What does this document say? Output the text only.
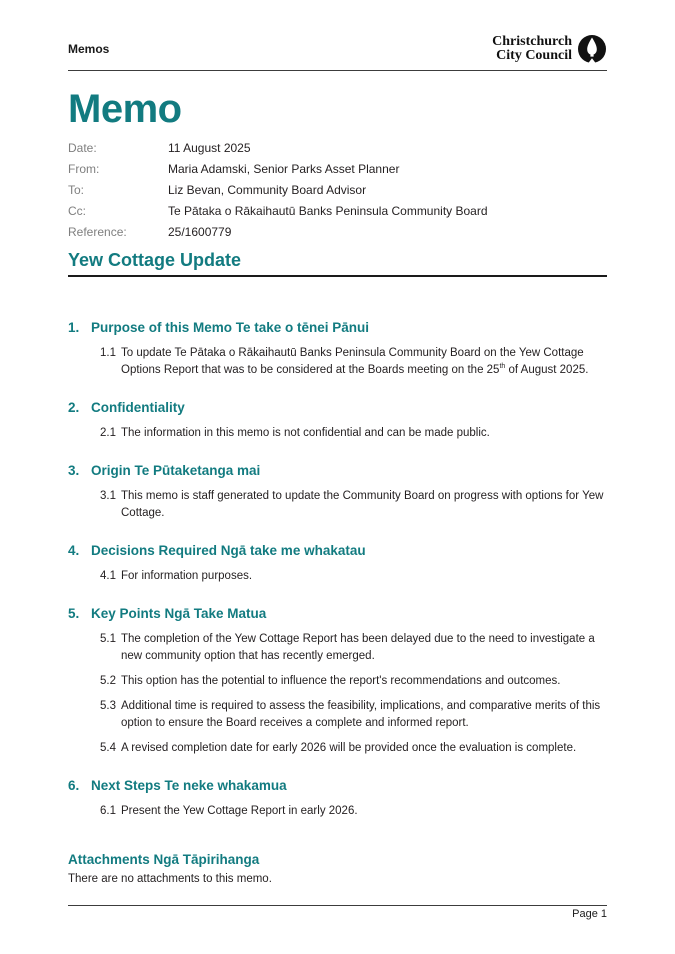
Memos
Christchurch
City Council
Memo
Date:	11 August 2025
From:	Maria Adamski, Senior Parks Asset Planner
To:	Liz Bevan, Community Board Advisor
Cc:	Te Pātaka o Rākaihautū Banks Peninsula Community Board
Reference:	25/1600779
Yew Cottage Update
1. Purpose of this Memo Te take o tēnei Pānui
1.1 To update Te Pātaka o Rākaihautū Banks Peninsula Community Board on the Yew Cottage Options Report that was to be considered at the Boards meeting on the 25th of August 2025.
2. Confidentiality
2.1 The information in this memo is not confidential and can be made public.
3. Origin Te Pūtaketanga mai
3.1 This memo is staff generated to update the Community Board on progress with options for Yew Cottage.
4. Decisions Required Ngā take me whakatau
4.1 For information purposes.
5. Key Points Ngā Take Matua
5.1 The completion of the Yew Cottage Report has been delayed due to the need to investigate a new community option that has recently emerged.
5.2 This option has the potential to influence the report's recommendations and outcomes.
5.3 Additional time is required to assess the feasibility, implications, and comparative merits of this option to ensure the Board receives a complete and informed report.
5.4 A revised completion date for early 2026 will be provided once the evaluation is complete.
6. Next Steps Te neke whakamua
6.1 Present the Yew Cottage Report in early 2026.
Attachments Ngā Tāpirihanga
There are no attachments to this memo.
Page 1
